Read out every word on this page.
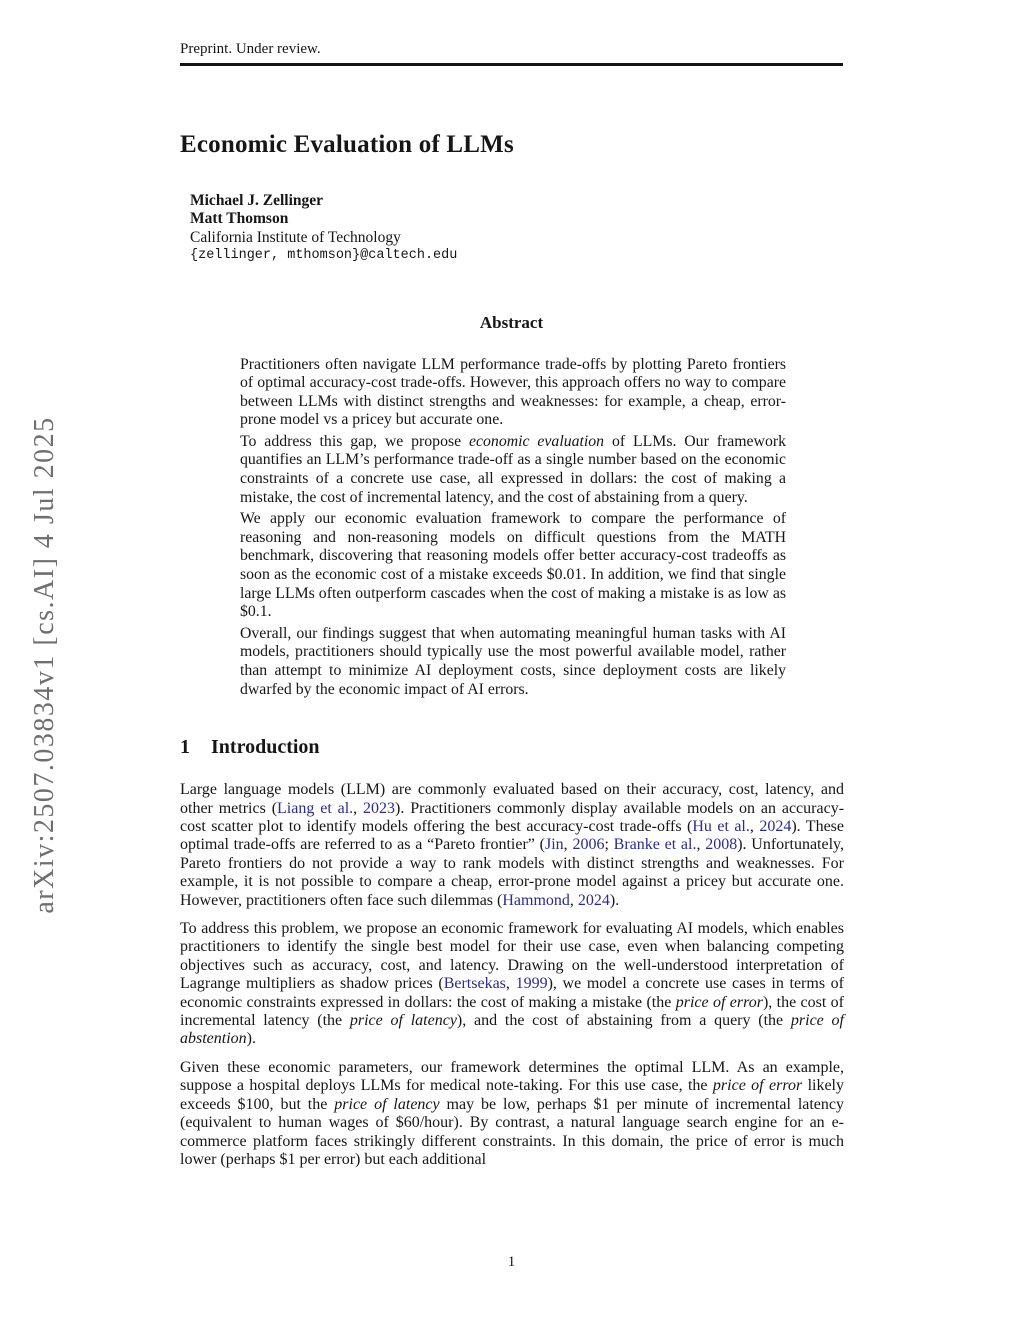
arXiv:2507.03834v1 [cs.AI] 4 Jul 2025
Preprint. Under review.
Economic Evaluation of LLMs
Michael J. Zellinger
Matt Thomson
California Institute of Technology
{zellinger, mthomson}@caltech.edu
Abstract

Practitioners often navigate LLM performance trade-offs by plotting Pareto frontiers of optimal accuracy-cost trade-offs. However, this approach offers no way to compare between LLMs with distinct strengths and weaknesses: for example, a cheap, error-prone model vs a pricey but accurate one.

To address this gap, we propose economic evaluation of LLMs. Our framework quantifies an LLM’s performance trade-off as a single number based on the economic constraints of a concrete use case, all expressed in dollars: the cost of making a mistake, the cost of incremental latency, and the cost of abstaining from a query.

We apply our economic evaluation framework to compare the performance of reasoning and non-reasoning models on difficult questions from the MATH benchmark, discovering that reasoning models offer better accuracy-cost tradeoffs as soon as the economic cost of a mistake exceeds $0.01. In addition, we find that single large LLMs often outperform cascades when the cost of making a mistake is as low as $0.1.

Overall, our findings suggest that when automating meaningful human tasks with AI models, practitioners should typically use the most powerful available model, rather than attempt to minimize AI deployment costs, since deployment costs are likely dwarfed by the economic impact of AI errors.

1 Introduction

Large language models (LLM) are commonly evaluated based on their accuracy, cost, latency, and other metrics (Liang et al., 2023). Practitioners commonly display available models on an accuracy-cost scatter plot to identify models offering the best accuracy-cost trade-offs (Hu et al., 2024). These optimal trade-offs are referred to as a “Pareto frontier” (Jin, 2006; Branke et al., 2008). Unfortunately, Pareto frontiers do not provide a way to rank models with distinct strengths and weaknesses. For example, it is not possible to compare a cheap, error-prone model against a pricey but accurate one. However, practitioners often face such dilemmas (Hammond, 2024).

To address this problem, we propose an economic framework for evaluating AI models, which enables practitioners to identify the single best model for their use case, even when balancing competing objectives such as accuracy, cost, and latency. Drawing on the well-understood interpretation of Lagrange multipliers as shadow prices (Bertsekas, 1999), we model a concrete use cases in terms of economic constraints expressed in dollars: the cost of making a mistake (the price of error), the cost of incremental latency (the price of latency), and the cost of abstaining from a query (the price of abstention).

Given these economic parameters, our framework determines the optimal LLM. As an example, suppose a hospital deploys LLMs for medical note-taking. For this use case, the price of error likely exceeds $100, but the price of latency may be low, perhaps $1 per minute of incremental latency (equivalent to human wages of $60/hour). By contrast, a natural language search engine for an e-commerce platform faces strikingly different constraints. In this domain, the price of error is much lower (perhaps $1 per error) but each additional

1
